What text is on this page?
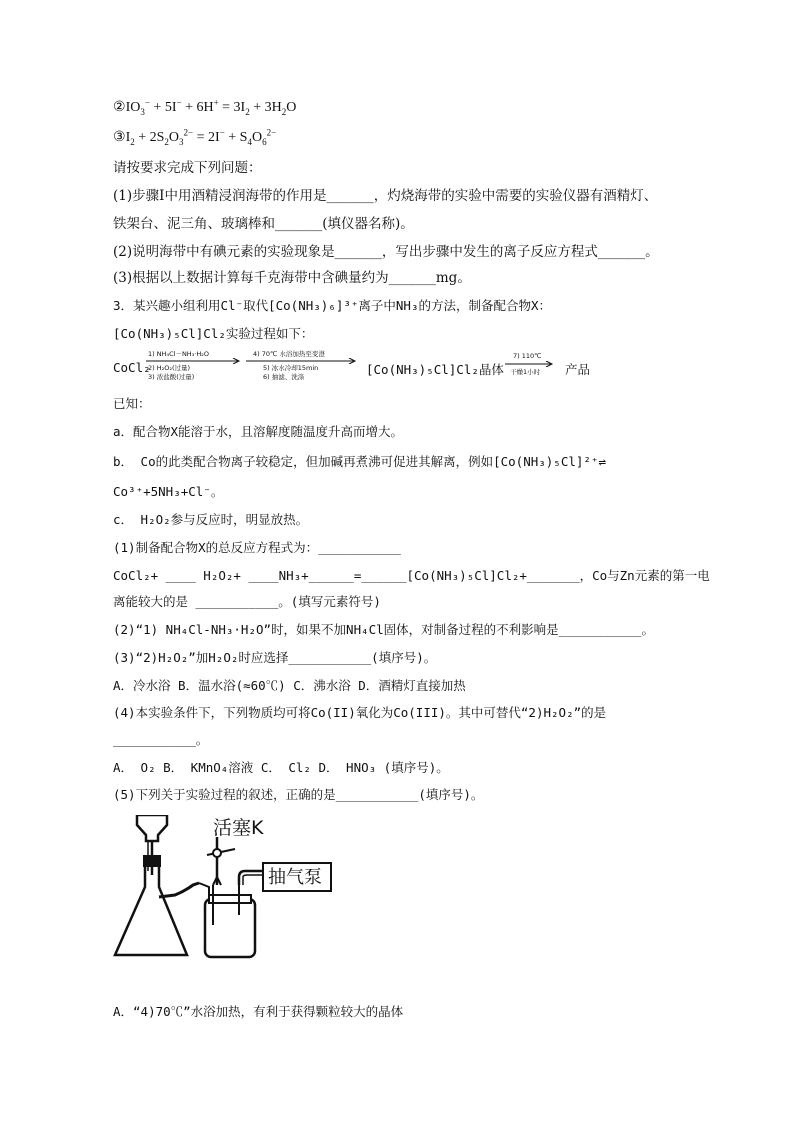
$②IO_3^- + 5I^- + 6H^+ = 3I_2 + 3H_2O$
$③I_2 + 2S_2O_3^{2-} = 2I^- + S_4O_6^{2-}$
请按要求完成下列问题：
(1)步骤Ⅰ中用酒精浸润海带的作用是_______，灼烧海带的实验中需要的实验仪器有酒精灯、
铁架台、泥三角、玻璃棒和_______(填仪器名称)。
(2)说明海带中有碘元素的实验现象是_______，写出步骤中发生的离子反应方程式_______。
(3)根据以上数据计算每千克海带中含碘量约为_______mg。
3．某兴趣小组利用Cl⁻取代[Co(NH₃)₆]³⁺离子中NH₃的方法，制备配合物X：
[Co(NH₃)₅Cl]Cl₂实验过程如下：
CoCl₂
1) NH₄Cl－NH₃·H₂O
2) H₂O₂(过量)
3) 浓盐酸(过量)
4) 70℃ 水浴加热至变澄
5) 冰水冷却15min
6) 抽滤、洗涤	[Co(NH₃)₅Cl]Cl₂晶体
7) 110℃
干燥1小时 产品
已知：
a．配合物X能溶于水，且溶解度随温度升高而增大。
b． Co的此类配合物离子较稳定，但加碱再煮沸可促进其解离，例如[Co(NH₃)₅Cl]²⁺⇌
Co³⁺+5NH₃+Cl⁻。
c． H₂O₂参与反应时，明显放热。
(1)制备配合物X的总反应方程式为：___________
CoCl₂+ ____ H₂O₂+ ____NH₃+______=______[Co(NH₃)₅Cl]Cl₂+_______，Co与Zn元素的第一电
离能较大的是 ___________。(填写元素符号)
(2)“1) NH₄Cl-NH₃·H₂O”时，如果不加NH₄Cl固体，对制备过程的不利影响是___________。
(3)“2)H₂O₂”加H₂O₂时应选择___________(填序号)。
A．冷水浴 B．温水浴(≈60℃) C．沸水浴 D．酒精灯直接加热
(4)本实验条件下，下列物质均可将Co(II)氧化为Co(III)。其中可替代“2)H₂O₂”的是
___________。
A． O₂ B． KMnO₄溶液 C． Cl₂ D． HNO₃ (填序号)。
(5)下列关于实验过程的叙述，正确的是___________(填序号)。
活塞K
抽气泵
A．“4)70℃”水浴加热，有利于获得颗粒较大的晶体
